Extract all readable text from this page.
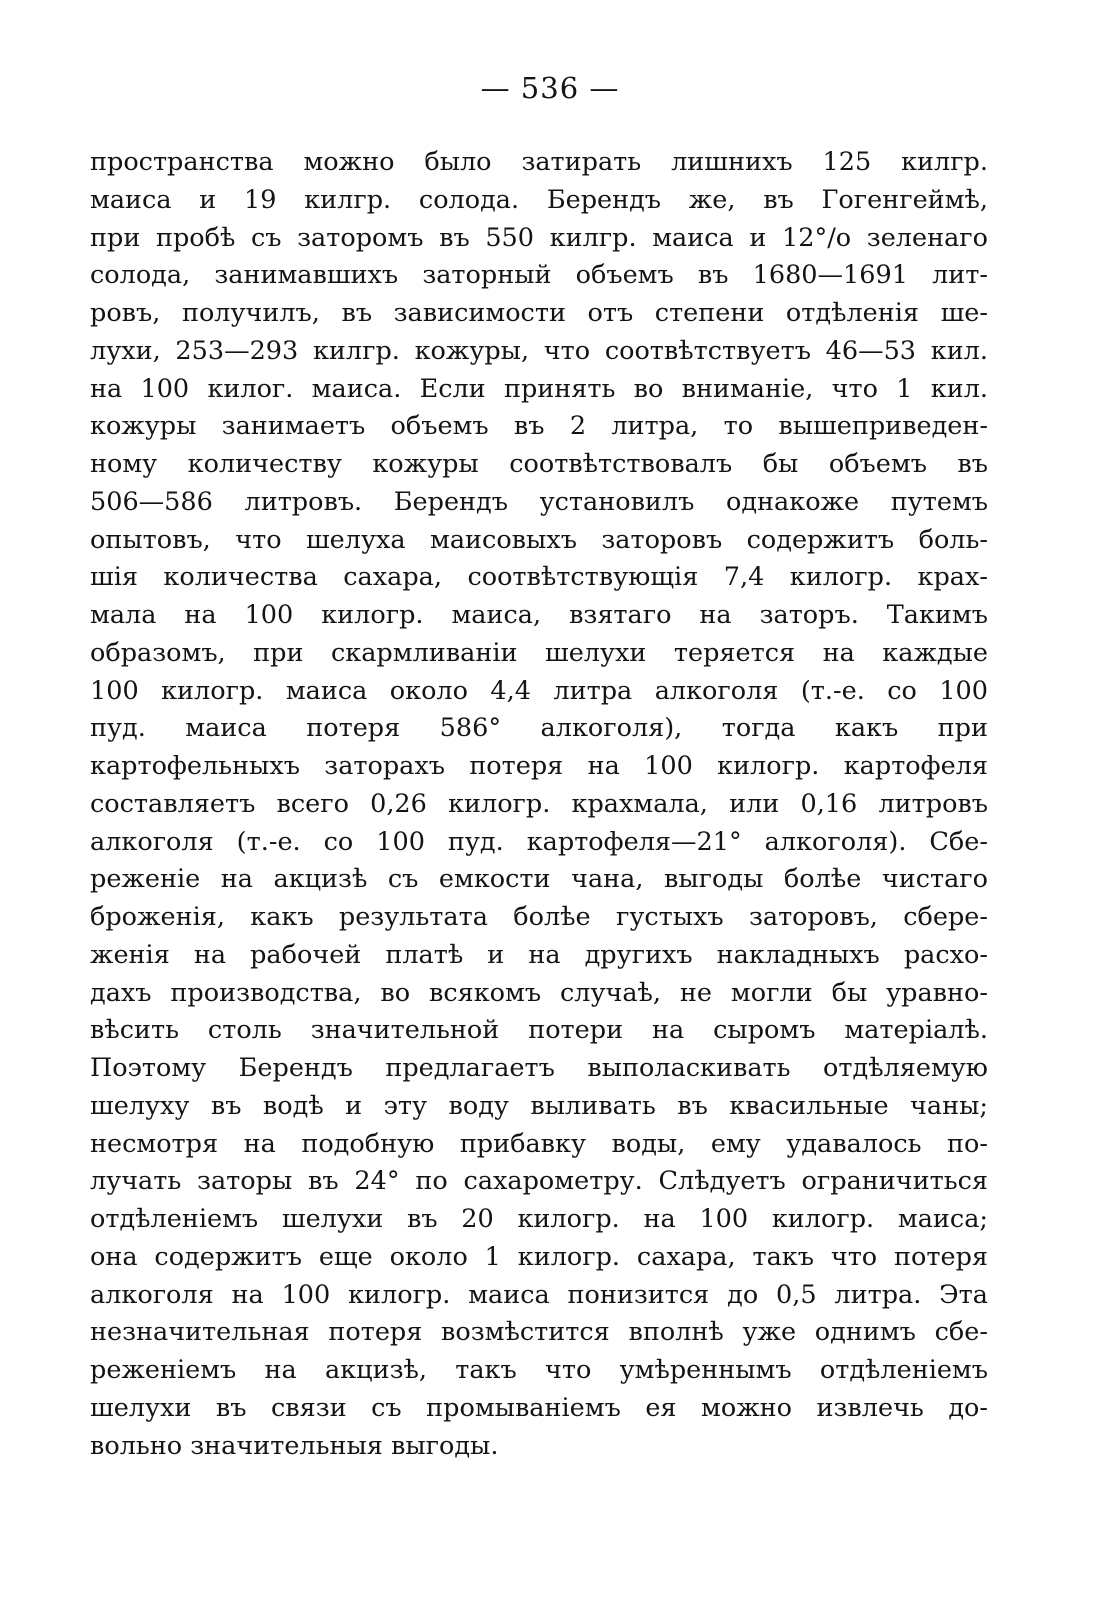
— 536 —
пространства можно было затирать лишнихъ 125 килгр.
маиса и 19 килгр. солода. Берендъ же, въ Гогенгеймѣ,
при пробѣ съ заторомъ въ 550 килгр. маиса и 12°/o зеленаго
солода, занимавшихъ заторный объемъ въ 1680—1691 лит-
ровъ, получилъ, въ зависимости отъ степени отдѣленія ше-
лухи, 253—293 килгр. кожуры, что соотвѣтствуетъ 46—53 кил.
на 100 килог. маиса. Если принять во вниманіе, что 1 кил.
кожуры занимаетъ объемъ въ 2 литра, то вышеприведен-
ному количеству кожуры соотвѣтствовалъ бы объемъ въ
506—586 литровъ. Берендъ установилъ однакоже путемъ
опытовъ, что шелуха маисовыхъ заторовъ содержитъ боль-
шія количества сахара, соотвѣтствующія 7,4 килогр. крах-
мала на 100 килогр. маиса, взятаго на заторъ. Такимъ
образомъ, при скармливаніи шелухи теряется на каждые
100 килогр. маиса около 4,4 литра алкоголя (т.-е. со 100
пуд. маиса потеря 586° алкоголя), тогда какъ при
картофельныхъ заторахъ потеря на 100 килогр. картофеля
составляетъ всего 0,26 килогр. крахмала, или 0,16 литровъ
алкоголя (т.-е. со 100 пуд. картофеля—21° алкоголя). Сбе-
реженіе на акцизѣ съ емкости чана, выгоды болѣе чистаго
броженія, какъ результата болѣе густыхъ заторовъ, сбере-
женія на рабочей платѣ и на другихъ накладныхъ расхо-
дахъ производства, во всякомъ случаѣ, не могли бы уравно-
вѣсить столь значительной потери на сыромъ матеріалѣ.
Поэтому Берендъ предлагаетъ выполаскивать отдѣляемую
шелуху въ водѣ и эту воду выливать въ квасильные чаны;
несмотря на подобную прибавку воды, ему удавалось по-
лучать заторы въ 24° по сахарометру. Слѣдуетъ ограничиться
отдѣленіемъ шелухи въ 20 килогр. на 100 килогр. маиса;
она содержитъ еще около 1 килогр. сахара, такъ что потеря
алкоголя на 100 килогр. маиса понизится до 0,5 литра. Эта
незначительная потеря возмѣстится вполнѣ уже однимъ сбе-
реженіемъ на акцизѣ, такъ что умѣреннымъ отдѣленіемъ
шелухи въ связи съ промываніемъ ея можно извлечь до-
вольно значительныя выгоды.
